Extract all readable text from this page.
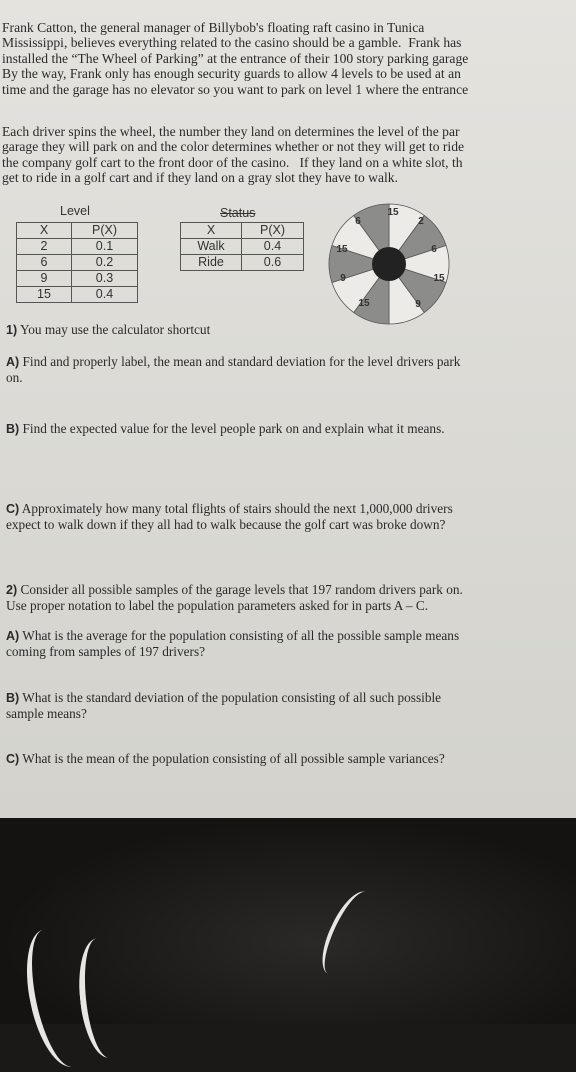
Frank Catton, the general manager of Billybob's floating raft casino in Tunica
Mississippi, believes everything related to the casino should be a gamble.  Frank has
installed the “The Wheel of Parking” at the entrance of their 100 story parking garage
By the way, Frank only has enough security guards to allow 4 levels to be used at an
time and the garage has no elevator so you want to park on level 1 where the entrance

Each driver spins the wheel, the number they land on determines the level of the par
garage they will park on and the color determines whether or not they will get to ride
the company golf cart to the front door of the casino.   If they land on a white slot, th
get to ride in a golf cart and if they land on a gray slot they have to walk.

Level
X	P(X)
2	0.1
6	0.2
9	0.3
15	0.4
Status
X	P(X)
Walk	0.4
Ride	0.6
15
2
6
15
9	15
9
15
6

1) You may use the calculator shortcut

A) Find and properly label, the mean and standard deviation for the level drivers park
on.

B) Find the expected value for the level people park on and explain what it means.

C) Approximately how many total flights of stairs should the next 1,000,000 drivers
expect to walk down if they all had to walk because the golf cart was broke down?

2) Consider all possible samples of the garage levels that 197 random drivers park on.
Use proper notation to label the population parameters asked for in parts A – C.

A) What is the average for the population consisting of all the possible sample means
coming from samples of 197 drivers?

B) What is the standard deviation of the population consisting of all such possible
sample means?

C) What is the mean of the population consisting of all possible sample variances?
